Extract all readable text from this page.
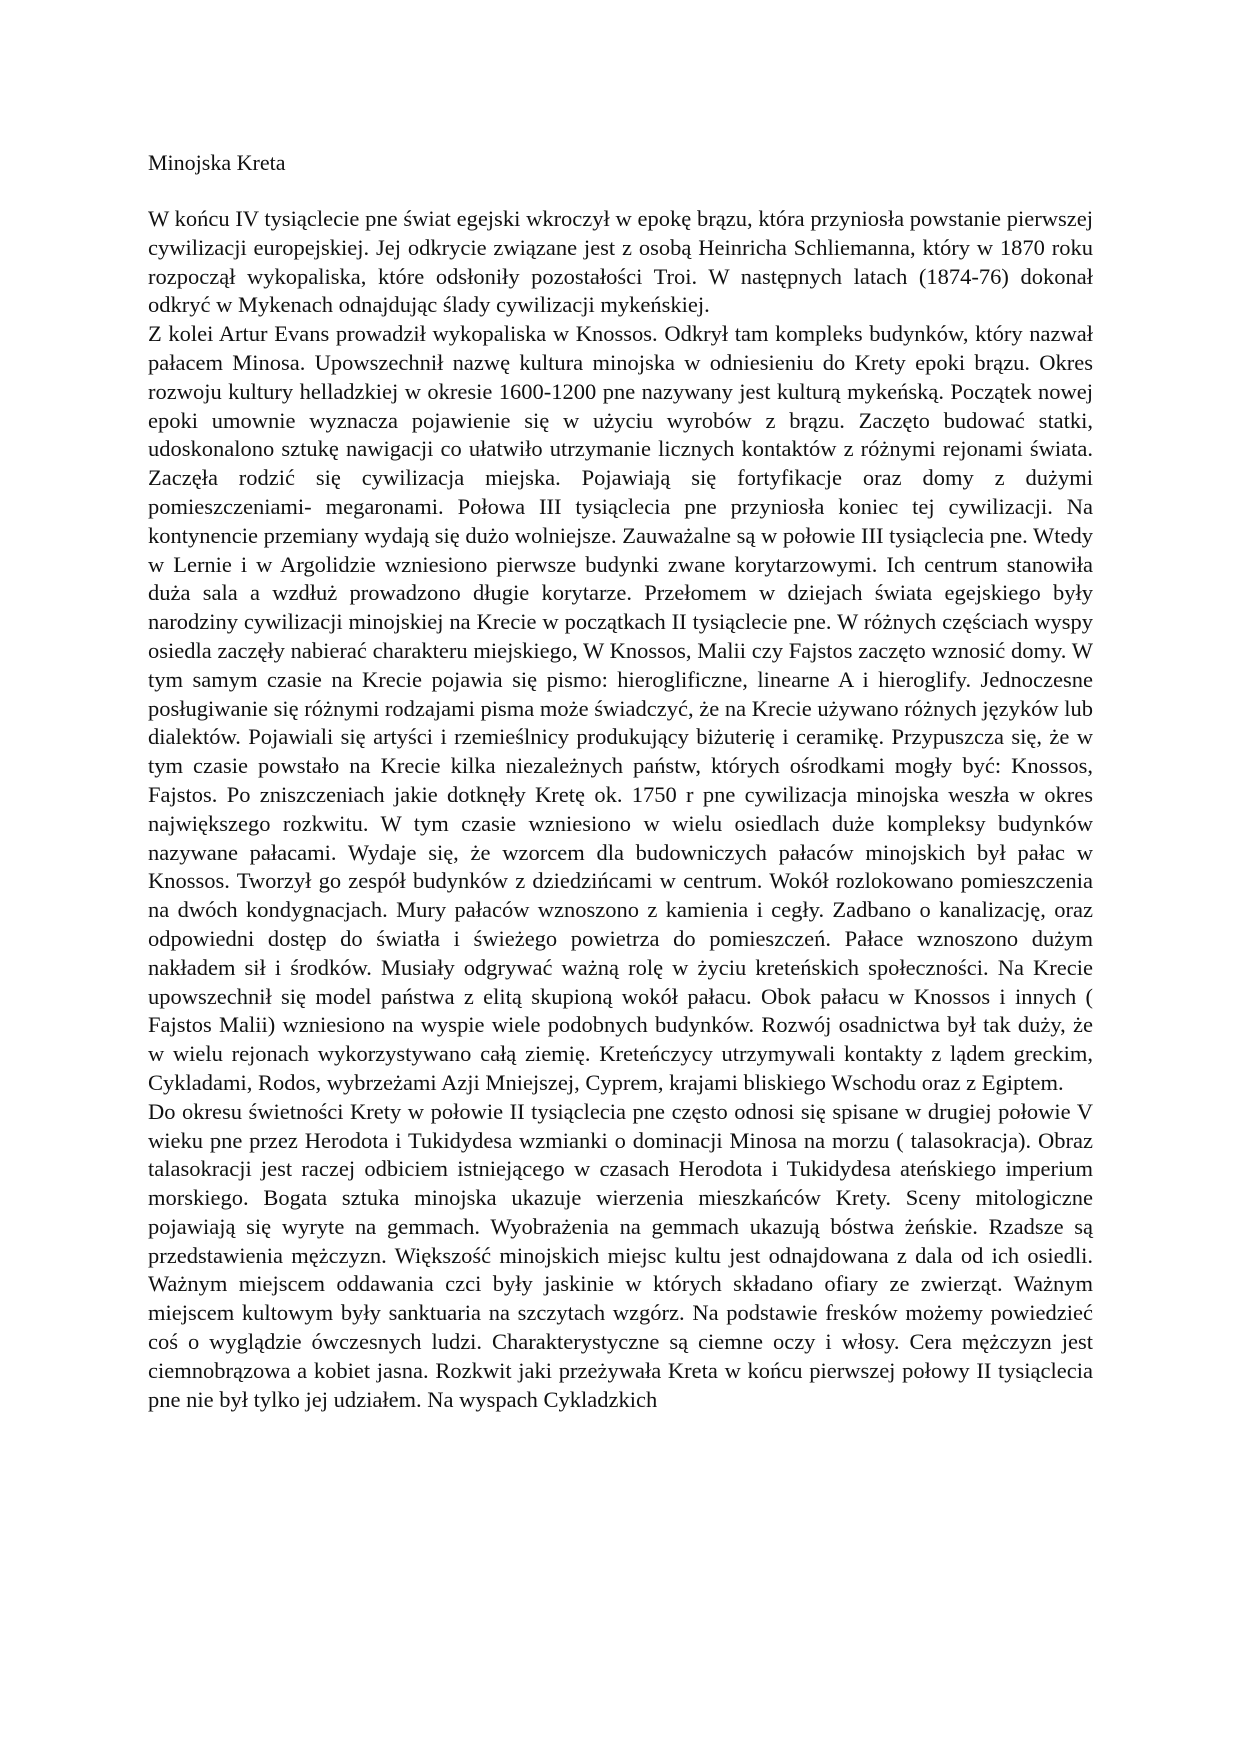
Minojska Kreta

W końcu IV tysiąclecie pne świat egejski wkroczył w epokę brązu, która przyniosła powstanie pierwszej cywilizacji europejskiej. Jej odkrycie związane jest z osobą Heinricha Schliemanna, który w 1870 roku rozpoczął wykopaliska, które odsłoniły pozostałości Troi. W następnych latach (1874-76) dokonał odkryć w Mykenach odnajdując ślady cywilizacji mykeńskiej.

Z kolei Artur Evans prowadził wykopaliska w Knossos. Odkrył tam kompleks budynków, który nazwał pałacem Minosa. Upowszechnił nazwę kultura minojska w odniesieniu do Krety epoki brązu. Okres rozwoju kultury helladzkiej w okresie 1600-1200 pne nazywany jest kulturą mykeńską. Początek nowej epoki umownie wyznacza pojawienie się w użyciu wyrobów z brązu. Zaczęto budować statki, udoskonalono sztukę nawigacji co ułatwiło utrzymanie licznych kontaktów z różnymi rejonami świata. Zaczęła rodzić się cywilizacja miejska. Pojawiają się fortyfikacje oraz domy z dużymi pomieszczeniami- megaronami. Połowa III tysiąclecia pne przyniosła koniec tej cywilizacji. Na kontynencie przemiany wydają się dużo wolniejsze. Zauważalne są w połowie III tysiąclecia pne. Wtedy w Lernie i w Argolidzie wzniesiono pierwsze budynki zwane korytarzowymi. Ich centrum stanowiła duża sala a wzdłuż prowadzono długie korytarze. Przełomem w dziejach świata egejskiego były narodziny cywilizacji minojskiej na Krecie w początkach II tysiąclecie pne. W różnych częściach wyspy osiedla zaczęły nabierać charakteru miejskiego, W Knossos, Malii czy Fajstos zaczęto wznosić domy. W tym samym czasie na Krecie pojawia się pismo: hieroglificzne, linearne A i hieroglify. Jednoczesne posługiwanie się różnymi rodzajami pisma może świadczyć, że na Krecie używano różnych języków lub dialektów. Pojawiali się artyści i rzemieślnicy produkujący biżuterię i ceramikę. Przypuszcza się, że w tym czasie powstało na Krecie kilka niezależnych państw, których ośrodkami mogły być: Knossos, Fajstos. Po zniszczeniach jakie dotknęły Kretę ok. 1750 r pne cywilizacja minojska weszła w okres największego rozkwitu. W tym czasie wzniesiono w wielu osiedlach duże kompleksy budynków nazywane pałacami. Wydaje się, że wzorcem dla budowniczych pałaców minojskich był pałac w Knossos. Tworzył go zespół budynków z dziedzińcami w centrum. Wokół rozlokowano pomieszczenia na dwóch kondygnacjach. Mury pałaców wznoszono z kamienia i cegły. Zadbano o kanalizację, oraz odpowiedni dostęp do światła i świeżego powietrza do pomieszczeń. Pałace wznoszono dużym nakładem sił i środków. Musiały odgrywać ważną rolę w życiu kreteńskich społeczności. Na Krecie upowszechnił się model państwa z elitą skupioną wokół pałacu. Obok pałacu w Knossos i innych ( Fajstos Malii) wzniesiono na wyspie wiele podobnych budynków. Rozwój osadnictwa był tak duży, że w wielu rejonach wykorzystywano całą ziemię. Kreteńczycy utrzymywali kontakty z lądem greckim, Cykladami, Rodos, wybrzeżami Azji Mniejszej, Cyprem, krajami bliskiego Wschodu oraz z Egiptem.

Do okresu świetności Krety w połowie II tysiąclecia pne często odnosi się spisane w drugiej połowie V wieku pne przez Herodota i Tukidydesa wzmianki o dominacji Minosa na morzu ( talasokracja). Obraz talasokracji jest raczej odbiciem istniejącego w czasach Herodota i Tukidydesa ateńskiego imperium morskiego. Bogata sztuka minojska ukazuje wierzenia mieszkańców Krety. Sceny mitologiczne pojawiają się wyryte na gemmach. Wyobrażenia na gemmach ukazują bóstwa żeńskie. Rzadsze są przedstawienia mężczyzn. Większość minojskich miejsc kultu jest odnajdowana z dala od ich osiedli. Ważnym miejscem oddawania czci były jaskinie w których składano ofiary ze zwierząt. Ważnym miejscem kultowym były sanktuaria na szczytach wzgórz. Na podstawie fresków możemy powiedzieć coś o wyglądzie ówczesnych ludzi. Charakterystyczne są ciemne oczy i włosy. Cera mężczyzn jest ciemnobrązowa a kobiet jasna. Rozkwit jaki przeżywała Kreta w końcu pierwszej połowy II tysiąclecia pne nie był tylko jej udziałem. Na wyspach Cykladzkich
